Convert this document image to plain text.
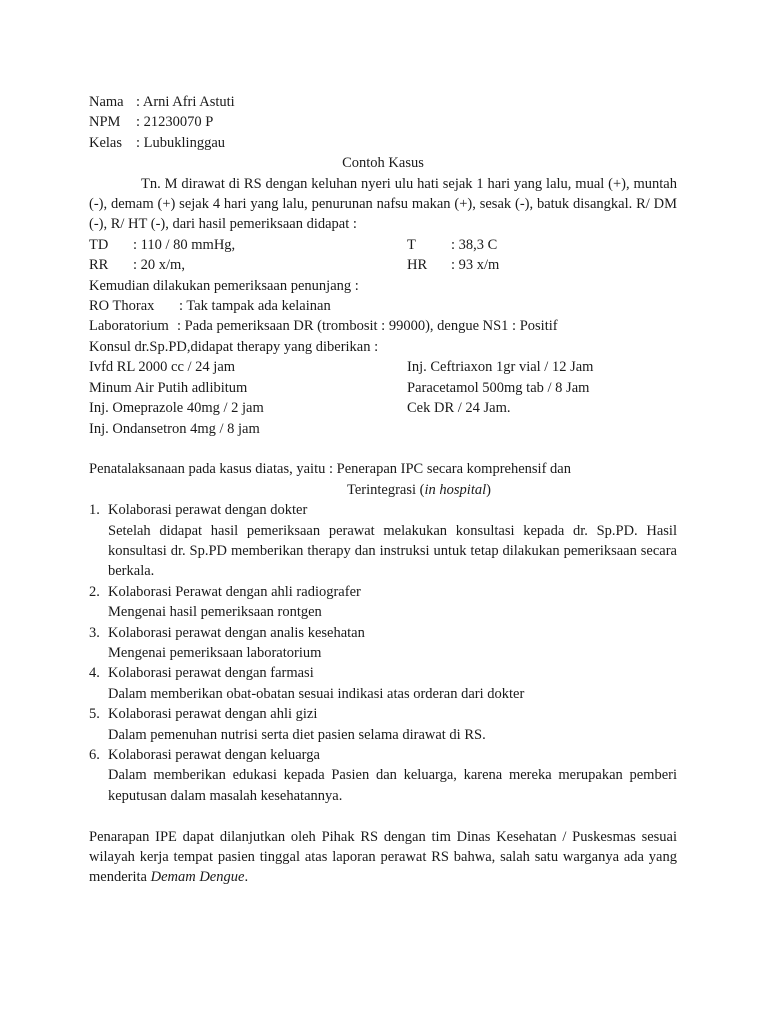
Nama : Arni Afri Astuti
NPM	: 21230070 P
Kelas : Lubuklinggau
Contoh Kasus
Tn. M dirawat di RS dengan keluhan nyeri ulu hati sejak 1 hari yang lalu, mual (+), muntah (-), demam (+) sejak 4 hari yang lalu, penurunan nafsu makan (+), sesak (-), batuk disangkal. R/ DM (-), R/ HT (-), dari hasil pemeriksaan didapat :
TD	: 110 / 80 mmHg,	T	: 38,3 C
RR	: 20 x/m,	HR	: 93 x/m
Kemudian dilakukan pemeriksaan penunjang :
RO Thorax	: Tak tampak ada kelainan
Laboratorium : Pada pemeriksaan DR (trombosit : 99000), dengue NS1 : Positif
Konsul dr.Sp.PD,didapat therapy yang diberikan :
Ivfd RL 2000 cc / 24 jam	Inj. Ceftriaxon 1gr vial / 12 Jam
Minum Air Putih adlibitum	Paracetamol 500mg tab / 8 Jam
Inj. Omeprazole 40mg / 2 jam	Cek DR / 24 Jam.
Inj. Ondansetron 4mg / 8 jam
Penatalaksanaan pada kasus diatas, yaitu : Penerapan IPC secara komprehensif dan
Terintegrasi (in hospital)
1. Kolaborasi perawat dengan dokter
Setelah didapat hasil pemeriksaan perawat melakukan konsultasi kepada dr. Sp.PD. Hasil konsultasi dr. Sp.PD memberikan therapy dan instruksi untuk tetap dilakukan pemeriksaan secara berkala.
2. Kolaborasi Perawat dengan ahli radiografer
Mengenai hasil pemeriksaan rontgen
3. Kolaborasi perawat dengan analis kesehatan
Mengenai pemeriksaan laboratorium
4. Kolaborasi perawat dengan farmasi
Dalam memberikan obat-obatan sesuai indikasi atas orderan dari dokter
5. Kolaborasi perawat dengan ahli gizi
Dalam pemenuhan nutrisi serta diet pasien selama dirawat di RS.
6. Kolaborasi perawat dengan keluarga
Dalam memberikan edukasi kepada Pasien dan keluarga, karena mereka merupakan pemberi keputusan dalam masalah kesehatannya.
Penarapan IPE dapat dilanjutkan oleh Pihak RS dengan tim Dinas Kesehatan / Puskesmas sesuai wilayah kerja tempat pasien tinggal atas laporan perawat RS bahwa, salah satu warganya ada yang menderita Demam Dengue.
